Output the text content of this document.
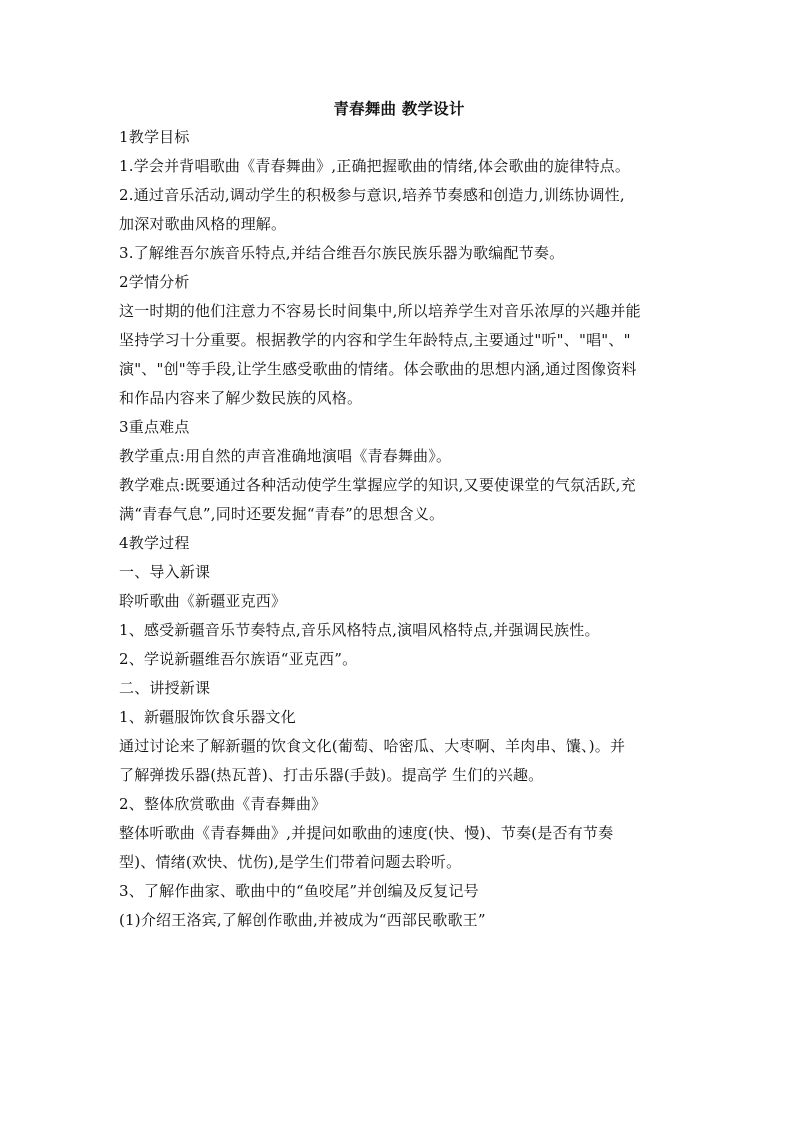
青春舞曲 教学设计

1教学目标

1.学会并背唱歌曲《青春舞曲》,正确把握歌曲的情绪,体会歌曲的旋律特点。

2.通过音乐活动,调动学生的积极参与意识,培养节奏感和创造力,训练协调性,

加深对歌曲风格的理解。

3.了解维吾尔族音乐特点,并结合维吾尔族民族乐器为歌编配节奏。

2学情分析

这一时期的他们注意力不容易长时间集中,所以培养学生对音乐浓厚的兴趣并能

坚持学习十分重要。根据教学的内容和学生年龄特点,主要通过"听"、"唱"、"

演"、"创"等手段,让学生感受歌曲的情绪。体会歌曲的思想内涵,通过图像资料

和作品内容来了解少数民族的风格。

3重点难点

教学重点:用自然的声音准确地演唱《青春舞曲》。

教学难点:既要通过各种活动使学生掌握应学的知识,又要使课堂的气氛活跃,充

满“青春气息”,同时还要发掘“青春”的思想含义。

4教学过程

一、导入新课

聆听歌曲《新疆亚克西》

1、感受新疆音乐节奏特点,音乐风格特点,演唱风格特点,并强调民族性。

2、学说新疆维吾尔族语“亚克西”。

二、讲授新课

1、新疆服饰饮食乐器文化

通过讨论来了解新疆的饮食文化(葡萄、哈密瓜、大枣啊、羊肉串、馕、)。并

了解弹拨乐器(热瓦普)、打击乐器(手鼓)。提高学 生们的兴趣。

2、整体欣赏歌曲《青春舞曲》

整体听歌曲《青春舞曲》,并提问如歌曲的速度(快、慢)、节奏(是否有节奏

型)、情绪(欢快、忧伤),是学生们带着问题去聆听。

3、了解作曲家、歌曲中的“鱼咬尾”并创编及反复记号

(1)介绍王洛宾,了解创作歌曲,并被成为“西部民歌歌王”
